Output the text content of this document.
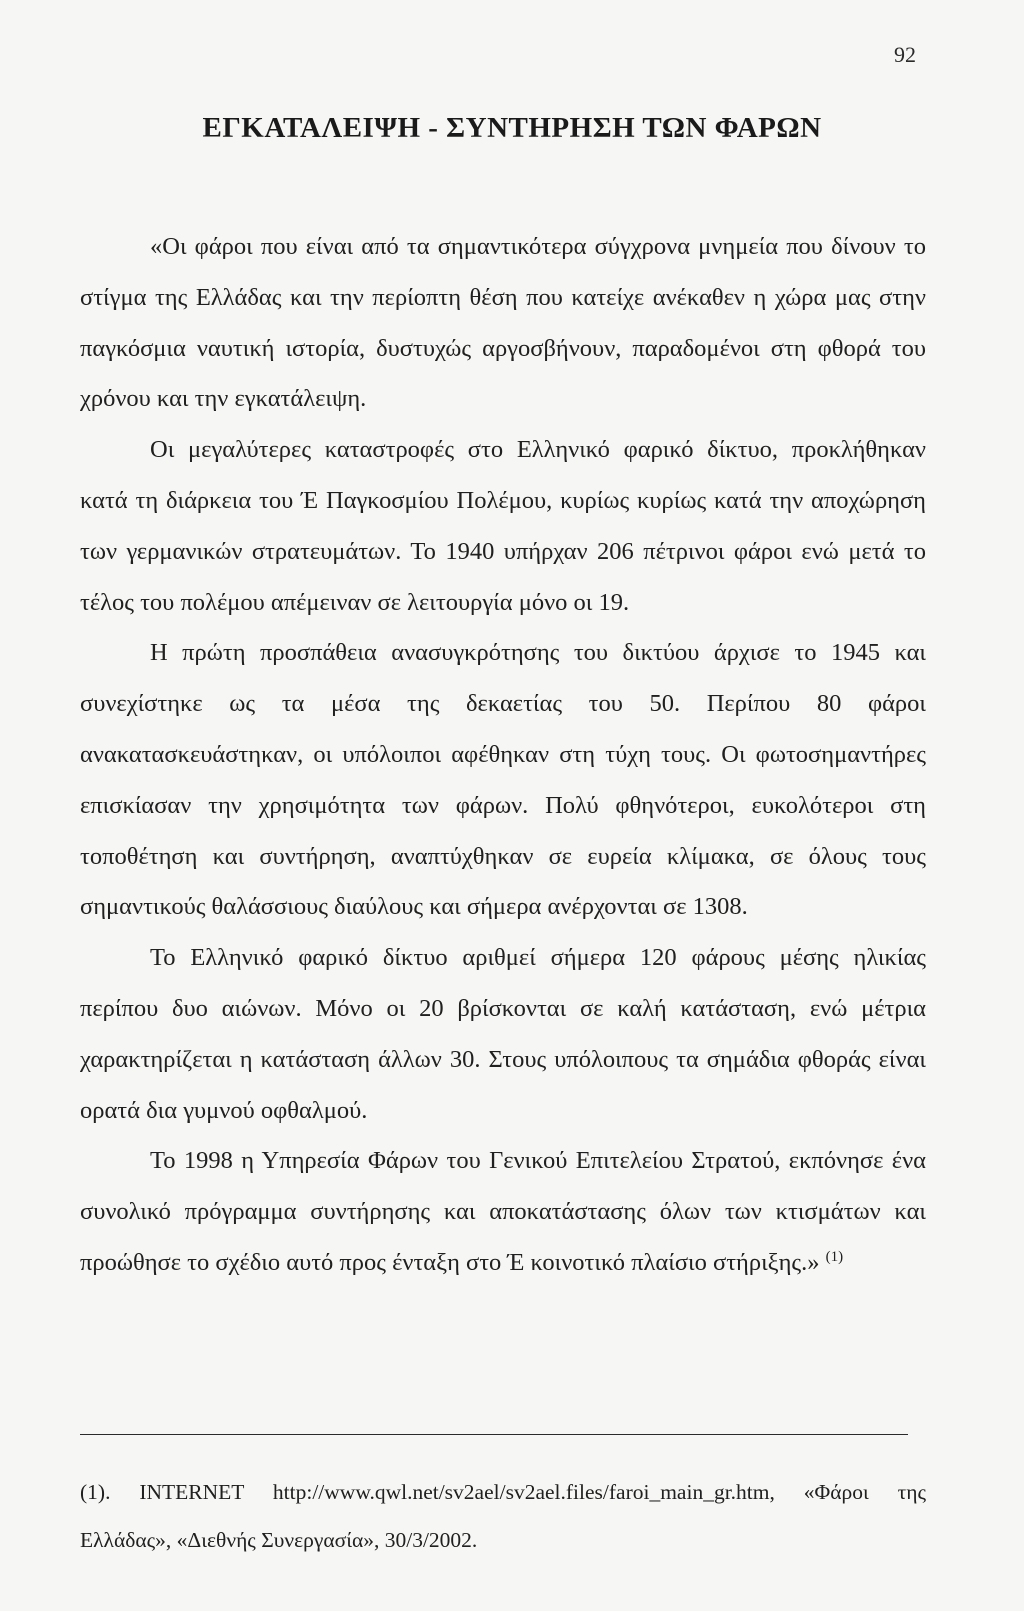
92
ΕΓΚΑΤΑΛΕΙΨΗ - ΣΥΝΤΗΡΗΣΗ ΤΩΝ ΦΑΡΩΝ

«Οι φάροι που είναι από τα σημαντικότερα σύγχρονα μνημεία που δίνουν το στίγμα της Ελλάδας και την περίοπτη θέση που κατείχε ανέκαθεν η χώρα μας στην παγκόσμια ναυτική ιστορία, δυστυχώς αργοσβήνουν, παραδομένοι στη φθορά του χρόνου και την εγκατάλειψη.

Οι μεγαλύτερες καταστροφές στο Ελληνικό φαρικό δίκτυο, προκλήθηκαν κατά τη διάρκεια του Έ Παγκοσμίου Πολέμου, κυρίως κυρίως κατά την αποχώρηση των γερμανικών στρατευμάτων. Το 1940 υπήρχαν 206 πέτρινοι φάροι ενώ μετά το τέλος του πολέμου απέμειναν σε λειτουργία μόνο οι 19.

Η πρώτη προσπάθεια ανασυγκρότησης του δικτύου άρχισε το 1945 και συνεχίστηκε ως τα μέσα της δεκαετίας του 50. Περίπου 80 φάροι ανακατασκευάστηκαν, οι υπόλοιποι αφέθηκαν στη τύχη τους. Οι φωτοσημαντήρες επισκίασαν την χρησιμότητα των φάρων. Πολύ φθηνότεροι, ευκολότεροι στη τοποθέτηση και συντήρηση, αναπτύχθηκαν σε ευρεία κλίμακα, σε όλους τους σημαντικούς θαλάσσιους διαύλους και σήμερα ανέρχονται σε 1308.

Το Ελληνικό φαρικό δίκτυο αριθμεί σήμερα 120 φάρους μέσης ηλικίας περίπου δυο αιώνων. Μόνο οι 20 βρίσκονται σε καλή κατάσταση, ενώ μέτρια χαρακτηρίζεται η κατάσταση άλλων 30. Στους υπόλοιπους τα σημάδια φθοράς είναι ορατά δια γυμνού οφθαλμού.

Το 1998 η Υπηρεσία Φάρων του Γενικού Επιτελείου Στρατού, εκπόνησε ένα συνολικό πρόγραμμα συντήρησης και αποκατάστασης όλων των κτισμάτων και προώθησε το σχέδιο αυτό προς ένταξη στο Έ κοινοτικό πλαίσιο στήριξης.» $^{(1)}$

(1). INTERNET http://www.qwl.net/sv2ael/sv2ael.files/faroi_main_gr.htm, «Φάροι της Ελλάδας», «Διεθνής Συνεργασία», 30/3/2002.
